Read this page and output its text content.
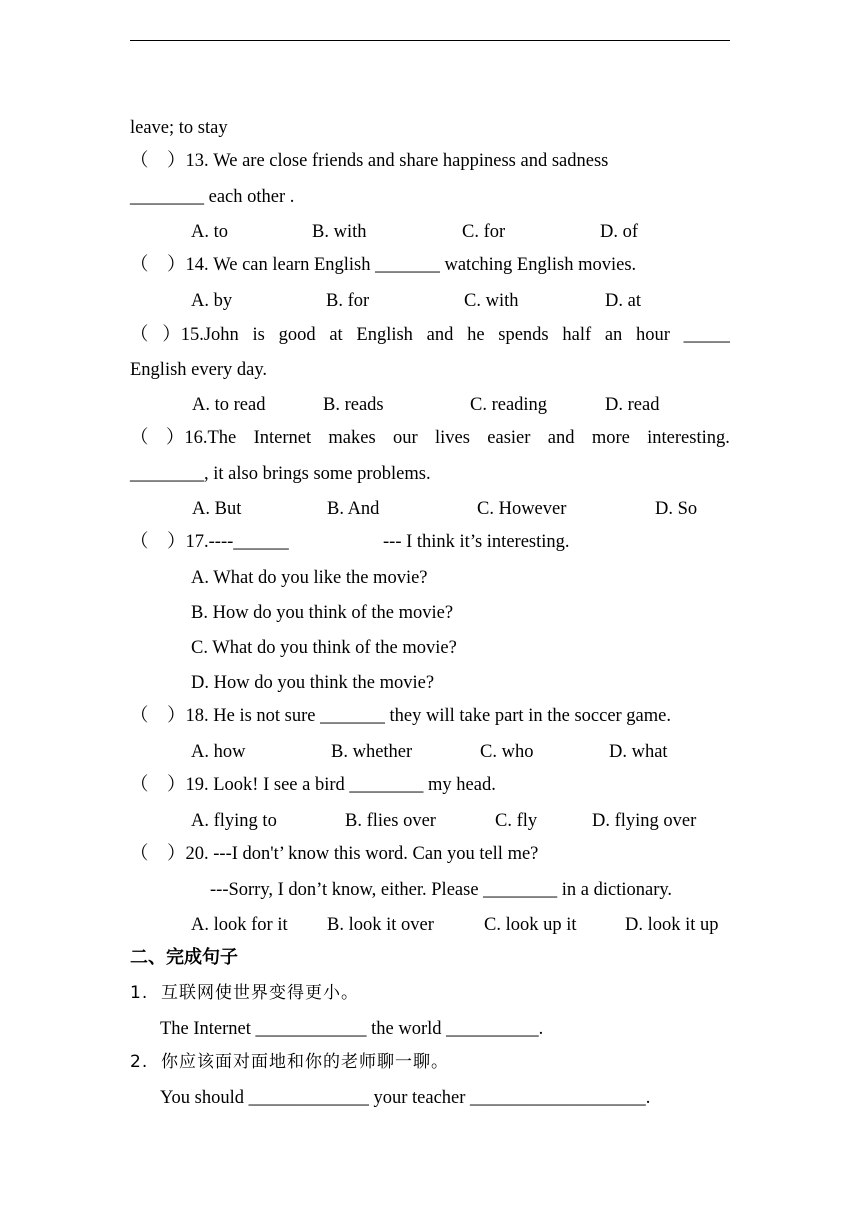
leave; to stay
（    ）13. We are close friends and share happiness and sadness
________ each other .
A. to	B. with	C. for	D. of
（    ）14. We can learn English _______ watching English movies.
A. by	B. for	C. with	D. at
（ ）15.John is good at English and he spends half an hour _____
English every day.
A. to read	B. reads	C. reading	D. read
（ ）16.The Internet makes our lives easier and more interesting.
________, it also brings some problems.
A. But	B. And	C. However	D. So
（    ）17.----______	--- I think it’s interesting.
A. What do you like the movie?
B. How do you think of the movie?
C. What do you think of the movie?
D. How do you think the movie?
（    ）18. He is not sure _______ they will take part in the soccer game.
A. how	B. whether	C. who	D. what
（    ）19. Look! I see a bird ________ my head.
A. flying to	B. flies over	C. fly	D. flying over
（    ）20. ---I don't’ know this word. Can you tell me?
---Sorry, I don’t know, either. Please ________ in a dictionary.
A. look for it B. look it over	C. look up it	D. look it up
二、完成句子
1.  互联网使世界变得更小。
The Internet ____________ the world __________.
2.  你应该面对面地和你的老师聊一聊。
You should _____________ your teacher ___________________.
